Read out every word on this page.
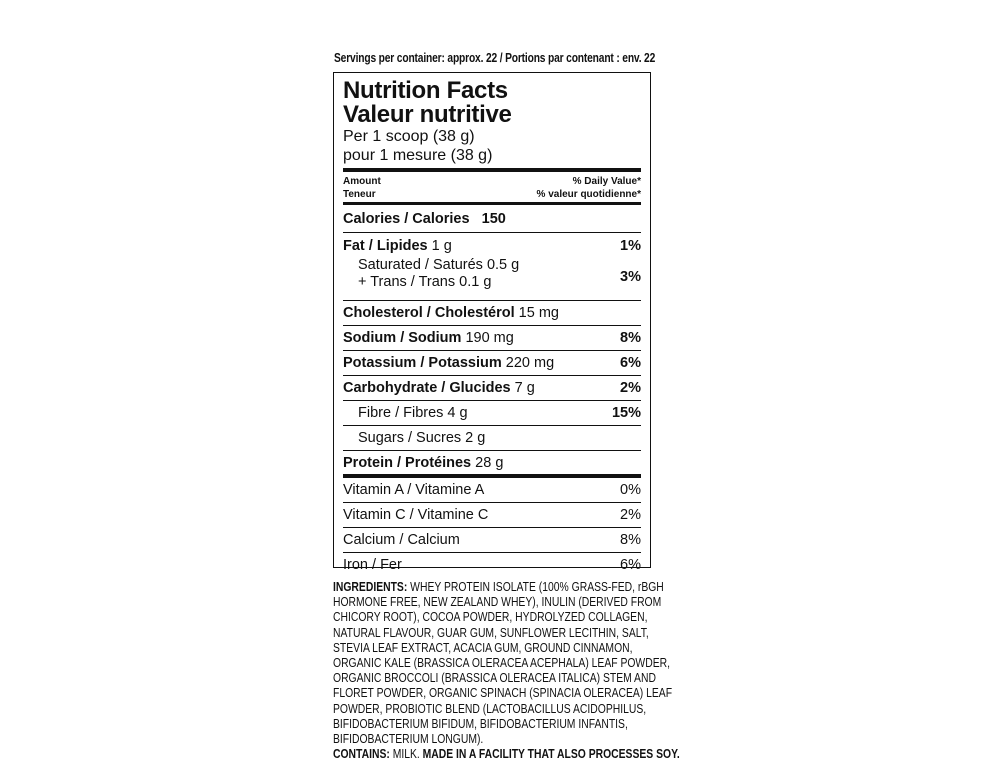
Servings per container: approx. 22 / Portions par contenant : env. 22
Nutrition Facts
Valeur nutritive
Per 1 scoop (38 g)
pour 1 mesure (38 g)
Amount
Teneur
% Daily Value*
% valeur quotidienne*
Calories / Calories 150
Fat / Lipides 1 g	1%
Saturated / Saturés 0.5 g
+ Trans / Trans 0.1 g	3%
Cholesterol / Cholestérol 15 mg
Sodium / Sodium 190 mg	8%
Potassium / Potassium 220 mg	6%
Carbohydrate / Glucides 7 g	2%
Fibre / Fibres 4 g	15%
Sugars / Sucres 2 g
Protein / Protéines 28 g
Vitamin A / Vitamine A	0%
Vitamin C / Vitamine C	2%
Calcium / Calcium	8%
Iron / Fer	6%
INGREDIENTS: WHEY PROTEIN ISOLATE (100% GRASS-FED, rBGH
HORMONE FREE, NEW ZEALAND WHEY), INULIN (DERIVED FROM
CHICORY ROOT), COCOA POWDER, HYDROLYZED COLLAGEN,
NATURAL FLAVOUR, GUAR GUM, SUNFLOWER LECITHIN, SALT,
STEVIA LEAF EXTRACT, ACACIA GUM, GROUND CINNAMON,
ORGANIC KALE (BRASSICA OLERACEA ACEPHALA) LEAF POWDER,
ORGANIC BROCCOLI (BRASSICA OLERACEA ITALICA) STEM AND
FLORET POWDER, ORGANIC SPINACH (SPINACIA OLERACEA) LEAF
POWDER, PROBIOTIC BLEND (LACTOBACILLUS ACIDOPHILUS,
BIFIDOBACTERIUM BIFIDUM, BIFIDOBACTERIUM INFANTIS,
BIFIDOBACTERIUM LONGUM).
CONTAINS: MILK. MADE IN A FACILITY THAT ALSO PROCESSES SOY.
